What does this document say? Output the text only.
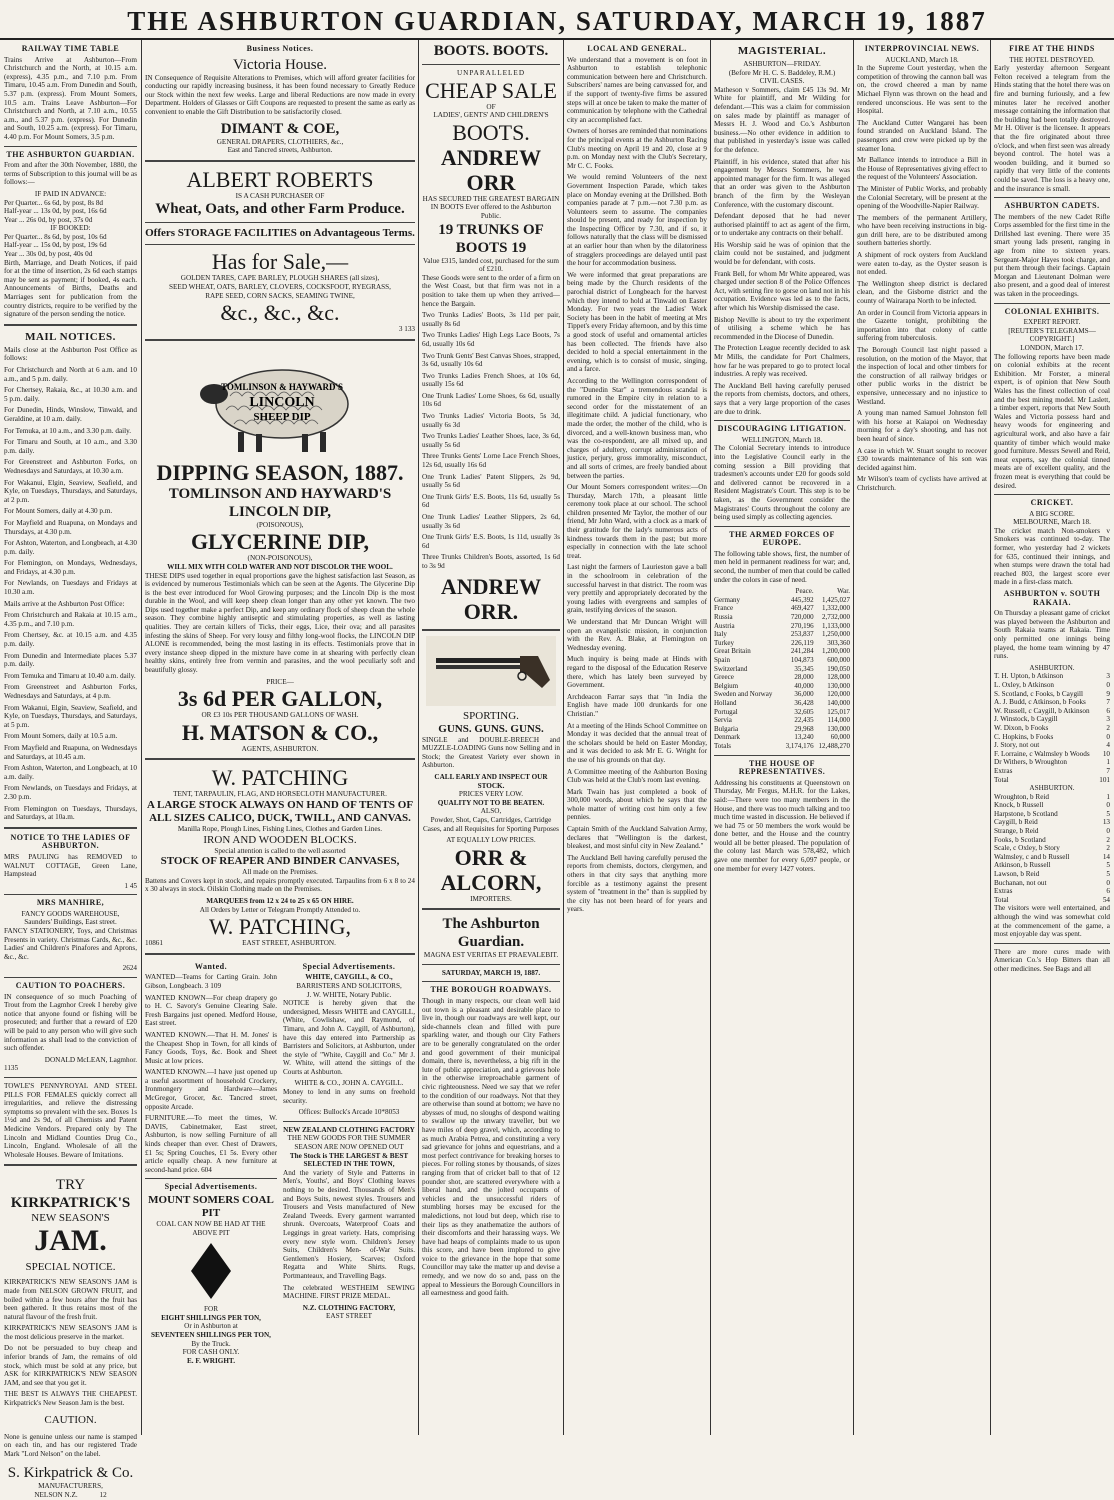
THE ASHBURTON GUARDIAN, SATURDAY, MARCH 19, 1887
RAILWAY TIME TABLE

Trains Arrive at Ashburton—From Christchurch and the North, at 10.15 a.m. (express), 4.35 p.m., and 7.10 p.m. From Timaru, 10.45 a.m. From Dunedin and South, 5.37 p.m. (express). From Mount Somers, 10.5 a.m. Trains Leave Ashburton—For Christchurch and North, at 7.10 a.m., 10.55 a.m., and 5.37 p.m. (express). For Dunedin and South, 10.25 a.m. (express). For Timaru, 4.40 p.m. For Mount Somers, 3.5 p.m.

THE ASHBURTON GUARDIAN.

From and after the 30th November, 1880, the terms of Subscription to this journal will be as follows:—

IF PAID IN ADVANCE:
Per Quarter... 6s 6d, by post, 8s 8d
Half-year ... 13s 0d, by post, 16s 6d
Year ... 26s 0d, by post, 37s 0d
IF BOOKED:
Per Quarter... 8s 6d, by post, 10s 6d
Half-year ... 15s 0d, by post, 19s 6d
Year ... 30s 0d, by post, 40s 0d

Birth, Marriage, and Death Notices, if paid for at the time of insertion, 2s 6d each stamps may be sent as payment; if booked, 4s each. Announcements of Births, Deaths and Marriages sent for publication from the country districts, require to be verified by the signature of the person sending the notice.

MAIL NOTICES.

Mails close at the Ashburton Post Office as follows:

For Christchurch and North at 6 a.m. and 10 a.m., and 5 p.m. daily.

For Chertsey, Rakaia, &c., at 10.30 a.m. and 5 p.m. daily.

For Dunedin, Hinds, Winslow, Tinwald, and Geraldine, at 10 a.m. daily.

For Temuka, at 10 a.m., and 3.30 p.m. daily.

For Timaru and South, at 10 a.m., and 3.30 p.m. daily.

For Greenstreet and Ashburton Forks, on Wednesdays and Saturdays, at 10.30 a.m.

For Wakanui, Elgin, Seaview, Seafield, and Kyle, on Tuesdays, Thursdays, and Saturdays, at 2 p.m.

For Mount Somers, daily at 4.30 p.m.

For Mayfield and Ruapuna, on Mondays and Thursdays, at 4.30 p.m.

For Ashton, Waterton, and Longbeach, at 4.30 p.m. daily.

For Flemington, on Mondays, Wednesdays, and Fridays, at 4.30 p.m.

For Newlands, on Tuesdays and Fridays at 10.30 a.m.

Mails arrive at the Ashburton Post Office:

From Christchurch and Rakaia at 10.15 a.m., 4.35 p.m., and 7.10 p.m.

From Chertsey, &c. at 10.15 a.m. and 4.35 p.m. daily.

From Dunedin and Intermediate places 5.37 p.m. daily.

From Temuka and Timaru at 10.40 a.m. daily.

From Greenstreet and Ashburton Forks, Wednesdays and Saturdays, at 4 p.m.

From Wakanui, Elgin, Seaview, Seafield, and Kyle, on Tuesdays, Thursdays, and Saturdays, at 5 p.m.

From Mount Somers, daily at 10.5 a.m.

From Mayfield and Ruapuna, on Wednesdays and Saturdays, at 10.45 a.m.

From Ashton, Waterton, and Longbeach, at 10 a.m. daily.

From Newlands, on Tuesdays and Fridays, at 2.30 p.m.

From Flemington on Tuesdays, Thursdays, and Saturdays, at 10a.m.

NOTICE TO THE LADIES OF ASHBURTON.

MRS PAULING has REMOVED to WALNUT COTTAGE, Green Lane, Hampstead

1 45
MRS MANHIRE,
FANCY GOODS WAREHOUSE,
Saunders' Buildings, East street.

FANCY STATIONERY, Toys, and Christmas Presents in variety. Christmas Cards, &c., &c. Ladies' and Children's Pinafores and Aprons, &c., &c.

2624
CAUTION TO POACHERS.

IN consequence of so much Poaching of Trout from the Lagmhor Creek I hereby give notice that anyone found or fishing will be prosecuted; and further that a reward of £20 will be paid to any person who will give such information as shall lead to the conviction of such offender.

DONALD McLEAN, Lagmhor.
1135

TOWLE'S PENNYROYAL AND STEEL PILLS FOR FEMALES quickly correct all irregularities, and relieve the distressing symptoms so prevalent with the sex. Boxes 1s 1½d and 2s 9d, of all Chemists and Patent Medicine Vendors. Prepared only by The Lincoln and Midland Counties Drug Co., Lincoln, England. Wholesale of all the Wholesale Houses. Beware of Imitations.

TRY
KIRKPATRICK'S
NEW SEASON'S
JAM.
SPECIAL NOTICE.

KIRKPATRICK'S NEW SEASON'S JAM is made from NELSON GROWN FRUIT, and boiled within a few hours after the fruit has been gathered. It thus retains most of the natural flavour of the fresh fruit.

KIRKPATRICK'S NEW SEASON'S JAM is the most delicious preserve in the market.

Do not be persuaded to buy cheap and inferior brands of Jam, the remains of old stock, which must be sold at any price, but ASK for KIRKPATRICK'S NEW SEASON JAM, and see that you get it.

THE BEST IS ALWAYS THE CHEAPEST. Kirkpatrick's New Season Jam is the best.

CAUTION.

None is genuine unless our name is stamped on each tin, and has our registered Trade Mark "Lord Nelson" on the label.

S. Kirkpatrick & Co.
MANUFACTURERS,
NELSON N.Z.	12
Business Notices.
Victoria House.

IN Consequence of Requisite Alterations to Premises, which will afford greater facilities for conducting our rapidly increasing business, it has been found necessary to Greatly Reduce our Stock within the next few weeks. Large and liberal Reductions are now made in every Department. Holders of Glasses or Gift Coupons are requested to present the same as early as convenient to enable the Gift Distribution to be satisfactorily closed.

DIMANT & COE,
GENERAL DRAPERS, CLOTHIERS, &c.,
East and Tancred streets, Ashburton.
ALBERT ROBERTS
IS A CASH PURCHASER OF
Wheat, Oats, and other Farm Produce.
Offers STORAGE FACILITIES on Advantageous Terms.
Has for Sale,—
GOLDEN TARES, CAPE BARLEY, PLOUGH SHARES (all sizes),
SEED WHEAT, OATS, BARLEY, CLOVERS, COCKSFOOT, RYEGRASS,
RAPE SEED, CORN SACKS, SEAMING TWINE,
&c., &c., &c.
3 133
TOMLINSON & HAYWARD'S
LINCOLN
SHEEP DIP
DIPPING SEASON, 1887.
TOMLINSON AND HAYWARD'S
LINCOLN DIP,
(POISONOUS),
GLYCERINE DIP,
(NON-POISONOUS),
WILL MIX WITH COLD WATER AND NOT DISCOLOR THE WOOL.

THESE DIPS used together in equal proportions gave the highest satisfaction last Season, as is evidenced by numerous Testimonials which can be seen at the Agents. The Glycerine Dip is the best ever introduced for Wool Growing purposes; and the Lincoln Dip is the most durable in the Wool, and will keep sheep clean longer than any other yet known. The two Dips used together make a perfect Dip, and keep any ordinary flock of sheep clean the whole season. They combine highly antiseptic and stimulating properties, as well as lasting qualities. They are certain killers of Ticks, their eggs, Lice, their ova; and all parasites infesting the skins of Sheep. For very lousy and filthy long-wool flocks, the LINCOLN DIP ALONE is recommended, being the most lasting in its effects. Testimonials prove that in every instance sheep dipped in the mixture have come in at shearing with perfectly clean healthy skins, entirely free from vermin and parasites, and the wool peculiarly soft and beautifully glossy.

PRICE—
3s 6d PER GALLON,
OR £3 10s PER THOUSAND GALLONS OF WASH.
H. MATSON & CO.,
AGENTS, ASHBURTON.
W. PATCHING
TENT, TARPAULIN, FLAG, AND HORSECLOTH MANUFACTURER.
A LARGE STOCK ALWAYS ON HAND OF TENTS OF ALL SIZES CALICO, DUCK, TWILL, AND CANVAS.
Manilla Rope, Plough Lines, Fishing Lines, Clothes and Garden Lines.
IRON AND WOODEN BLOCKS.
Special attention is called to the well assorted
STOCK OF REAPER AND BINDER CANVASES,
All made on the Premises.

Battens and Covers kept in stock, and repairs promptly executed. Tarpaulins from 6 x 8 to 24 x 30 always in stock. Oilskin Clothing made on the Premises.

MARQUEES from 12 x 24 to 25 x 65 ON HIRE.
All Orders by Letter or Telegram Promptly Attended to.
W. PATCHING,
10861	EAST STREET, ASHBURTON.
Wanted.

WANTED—Teams for Carting Grain. John Gibson, Longbeach. 3 109

WANTED KNOWN—For cheap drapery go to H. C. Savory's Genuine Clearing Sale. Fresh Bargains just opened. Medford House, East street.

WANTED KNOWN.—That H. M. Jones' is the Cheapest Shop in Town, for all kinds of Fancy Goods, Toys, &c. Book and Sheet Music at low prices.

WANTED KNOWN.—I have just opened up a useful assortment of household Crockery, Ironmongery and Hardware—James McGregor, Grocer, &c. Tancred street, opposite Arcade.

FURNITURE.—To meet the times, W. DAVIS, Cabinetmaker, East street, Ashburton, is now selling Furniture of all kinds cheaper than ever. Chest of Drawers, £1 5s; Spring Couches, £1 5s. Every other article equally cheap. A new furniture at second-hand price. 604

Special Advertisements.
MOUNT SOMERS COAL PIT
COAL CAN NOW BE HAD AT THE ABOVE PIT
FOR
EIGHT SHILLINGS PER TON,
Or in Ashburton at
SEVENTEEN SHILLINGS PER TON,
By the Truck.
FOR CASH ONLY.
E. F. WRIGHT.
Special Advertisements.
WHITE, CAYGILL, & CO.,
BARRISTERS AND SOLICITORS,
J. W. WHITE, Notary Public.

NOTICE is hereby given that the undersigned, Messrs WHITE and CAYGILL, (White, Cowlishaw, and Raymond, of Timaru, and John A. Caygill, of Ashburton), have this day entered into Partnership as Barristers and Solicitors, at Ashburton, under the style of "White, Caygill and Co." Mr J. W. White, will attend the sittings of the Courts at Ashburton.

WHITE & CO., JOHN A. CAYGILL.

Money to lend in any sums on freehold security.

Offices: Bullock's Arcade 10*8053
NEW ZEALAND CLOTHING FACTORY
THE NEW GOODS FOR THE SUMMER SEASON ARE NOW OPENED OUT
The Stock is THE LARGEST & BEST SELECTED IN THE TOWN,

And the variety of Style and Patterns in Men's, Youths', and Boys' Clothing leaves nothing to be desired. Thousands of Men's and Boys Suits, newest styles. Trousers and Trousers and Vests manufactured of New Zealand Tweeds. Every garment warranted shrunk. Overcoats, Waterproof Coats and Leggings in great variety. Hats, comprising every new style worn. Children's Jersey Suits, Children's Men- of-War Suits. Gentlemen's Hosiery, Scarves; Oxford Regatta and White Shirts. Rugs, Portmanteaux, and Travelling Bags.

The celebrated WESTHEIM SEWING MACHINE. FIRST PRIZE MEDAL.

N.Z. CLOTHING FACTORY,
EAST STREET
BOOTS. BOOTS.
UNPARALLELED
CHEAP SALE
OF
LADIES', GENTS' AND CHILDREN'S
BOOTS.
ANDREW ORR
HAS SECURED THE GREATEST BARGAIN IN BOOTS Ever offered to the Ashburton Public.
19 TRUNKS OF BOOTS 19
Value £315, landed cost, purchased for the sum of £210.

These Goods were sent to the order of a firm on the West Coast, but that firm was not in a position to take them up when they arrived—hence the Bargain.

Two Trunks Ladies' Boots, 3s 11d per pair, usually 8s 6d

Two Trunks Ladies' High Legs Lace Boots, 7s 6d, usually 10s 6d

Two Trunk Gents' Best Canvas Shoes, strapped, 3s 6d, usually 10s 6d

Two Trunks Ladies French Shoes, at 10s 6d, usually 15s 6d

One Trunk Ladies' Lorne Shoes, 6s 6d, usually 10s 6d

Two Trunks Ladies' Victoria Boots, 5s 3d, usually 6s 3d

Two Trunks Ladies' Leather Shoes, lace, 3s 6d, usually 5s 6d

Three Trunks Gents' Lorne Lace French Shoes, 12s 6d, usually 16s 6d

One Trunk Ladies' Patent Slippers, 2s 9d, usually 5s 6d

One Trunk Girls' E.S. Boots, 11s 6d, usually 5s 6d

One Trunk Ladies' Leather Slippers, 2s 6d, usually 3s 6d

One Trunk Girls' E.S. Boots, 1s 11d, usually 3s 6d

Three Trunks Children's Boots, assorted, 1s 6d to 3s 9d

ANDREW ORR.
SPORTING.
GUNS. GUNS. GUNS.

SINGLE and DOUBLE-BREECH and MUZZLE-LOADING Guns now Selling and in Stock; the Greatest Variety ever shown in Ashburton.

CALL EARLY AND INSPECT OUR STOCK.
PRICES VERY LOW.
QUALITY NOT TO BE BEATEN.
ALSO,

Powder, Shot, Caps, Cartridges, Cartridge Cases, and all Requisites for Sporting Purposes

AT EQUALLY LOW PRICES.
ORR & ALCORN,
IMPORTERS.
The Ashburton Guardian.
MAGNA EST VERITAS ET PRAEVALEBIT.
SATURDAY, MARCH 19, 1887.
THE BOROUGH ROADWAYS.

Though in many respects, our clean well laid out town is a pleasant and desirable place to live in, though our roadways are well kept, our side-channels clean and filled with pure sparkling water, and though our City Fathers are to be generally congratulated on the order and good government of their municipal domain, there is, nevertheless, a big rift in the lute of public appreciation, and a grievous hole in the otherwise irreproachable garment of civic righteousness. Need we say that we refer to the condition of our roadways. Not that they are otherwise than sound at bottom; we have no abysses of mud, no sloughs of despond waiting to swallow up the unwary traveller, but we have miles of deep gravel, which, according to as much Arabia Petrea, and constituting a very sad grievance for johns and equestrians, and a most perfect contrivance for breaking horses to pieces. For rolling stones by thousands, of sizes ranging from that of cricket ball to that of 12 pounder shot, are scattered everywhere with a liberal hand, and the jolted occupants of vehicles and the unsuccessful riders of stumbling horses may be excused for the maledictions, not loud but deep, which rise to their lips as they anathematize the authors of their discomforts and their harassing ways. We have had heaps of complaints made to us upon this score, and have been implored to give voice to the grievance in the hope that some Councillor may take the matter up and devise a remedy, and we now do so and, pass on the appeal to Messieurs the Borough Councillors in all earnestness and good faith.

LOCAL AND GENERAL.

We understand that a movement is on foot in Ashburton to establish telephonic communication between here and Christchurch. Subscribers' names are being canvassed for, and if the support of twenty-five firms be assured steps will at once be taken to make the matter of communication by telephone with the Cathedral city an accomplished fact.

Owners of horses are reminded that nominations for the principal events at the Ashburton Racing Club's meeting on April 19 and 20, close at 9 p.m. on Monday next with the Club's Secretary, Mr C. C. Fooks.

We would remind Volunteers of the next Government Inspection Parade, which takes place on Monday evening at the Drillshed. Both companies parade at 7 p.m.—not 7.30 p.m. as Volunteers seem to assume. The companies should be present, and ready for inspection by the Inspecting Officer by 7.30, and if so, it follows naturally that the class will be dismissed at an earlier hour than when by the dilatoriness of stragglers proceedings are delayed until past the hour for accommodation business.

We were informed that great preparations are being made by the Church residents of the parochial district of Longbeach for the harvest which they intend to hold at Tinwald on Easter Monday. For two years the Ladies' Work Society has been in the habit of meeting at Mrs Tippet's every Friday afternoon, and by this time a good stock of useful and ornamental articles has been collected. The friends have also decided to hold a special entertainment in the evening, which is to consist of music, singing, and a farce.

According to the Wellington correspondent of the "Dunedin Star" a tremendous scandal is rumored in the Empire city in relation to a second order for the misstatement of an illegitimate child. A judicial functionary, who made the order, the mother of the child, who is divorced, and a well-known business man, who was the co-respondent, are all mixed up, and charges of adultery, corrupt administration of justice, perjury, gross immorality, misconduct, and all sorts of crimes, are freely bandied about between the parties.

Our Mount Somers correspondent writes:—On Thursday, March 17th, a pleasant little ceremony took place at our school. The school children presented Mr Taylor, the mother of our friend, Mr John Ward, with a clock as a mark of their gratitude for the lady's numerous acts of kindness towards them in the past; but more especially in connection with the late school treat.

Last night the farmers of Laurieston gave a ball in the schoolroom in celebration of the successful harvest in that district. The room was very prettily and appropriately decorated by the young ladies with evergreens and samples of grain, testifying devices of the season.

We understand that Mr Duncan Wright will open an evangelistic mission, in conjunction with the Rev. A. Blake, at Flemington on Wednesday evening.

Much inquiry is being made at Hinds with regard to the disposal of the Education Reserve there, which has lately been surveyed by Government.

Archdeacon Farrar says that "in India the English have made 100 drunkards for one Christian."

At a meeting of the Hinds School Committee on Monday it was decided that the annual treat of the scholars should be held on Easter Monday, and it was decided to ask Mr E. G. Wright for the use of his grounds on that day.

A Committee meeting of the Ashburton Boxing Club was held at the Club's room last evening.

Mark Twain has just completed a book of 300,000 words, about which he says that the whole matter of writing cost him only a few pennies.

Captain Smith of the Auckland Salvation Army, declares that "Wellington is the darkest, bleakest, and most sinful city in New Zealand."

The Auckland Bell having carefully perused the reports from chemists, doctors, clergymen, and others in that city says that anything more forcible as a testimony against the present system of "treatment in the" than is supplied by the city has not been heard of for years and years.

MAGISTERIAL.
ASHBURTON—FRIDAY.
(Before Mr H. C. S. Baddeley, R.M.)
CIVIL CASES.

Matheson v Sommers, claim £45 13s 9d. Mr White for plaintiff, and Mr Wilding for defendant.—This was a claim for commission on sales made by plaintiff as manager of Messrs H. J. Wood and Co.'s Ashburton business.—No other evidence in addition to that published in yesterday's issue was called for the defence.

Plaintiff, in his evidence, stated that after his engagement by Messrs Sommers, he was appointed manager for the firm. It was alleged that an order was given to the Ashburton branch of the firm by the Wesleyan Conference, with the customary discount.

Defendant deposed that he had never authorised plaintiff to act as agent of the firm, or to undertake any contracts on their behalf.

His Worship said he was of opinion that the claim could not be sustained, and judgment would be for defendant, with costs.

Frank Bell, for whom Mr White appeared, was charged under section 8 of the Police Offences Act, with setting fire to gorse on land not in his occupation. Evidence was led as to the facts, after which his Worship dismissed the case.

Bishop Neville is about to try the experiment of utilising a scheme which he has recommended in the Diocese of Dunedin.

The Protection League recently decided to ask Mr Mills, the candidate for Port Chalmers, how far he was prepared to go to protect local industries. A reply was received.

The Auckland Bell having carefully perused the reports from chemists, doctors, and others, says that a very large proportion of the cases are due to drink.

DISCOURAGING LITIGATION.
WELLINGTON, March 18.

The Colonial Secretary intends to introduce into the Legislative Council early in the coming session a Bill providing that tradesmen's accounts under £20 for goods sold and delivered cannot be recovered in a Resident Magistrate's Court. This step is to be taken, as the Government consider the Magistrates' Courts throughout the colony are being used simply as collecting agencies.

THE ARMED FORCES OF EUROPE.

The following table shows, first, the number of men held in permanent readiness for war; and, second, the number of men that could be called under the colors in case of need.

	Peace.	War.
Germany	445,392	1,425,027
France	469,427	1,332,000
Russia	720,000	2,732,000
Austria	270,196	1,133,000
Italy	253,837	1,250,000
Turkey	226,119	303,360
Great Britain	241,284	1,200,000
Spain	104,873	600,000
Switzerland	35,345	190,050
Greece	28,000	128,000
Belgium	40,000	130,000
Sweden and Norway	36,000	120,000
Holland	36,428	140,000
Portugal	32,605	125,017
Servia	22,435	114,000
Bulgaria	29,968	130,000
Denmark	13,240	60,000
Totals	3,174,176	12,488,270
THE HOUSE OF REPRESENTATIVES.

Addressing his constituents at Queenstown on Thursday, Mr Fergus, M.H.R. for the Lakes, said:—There were too many members in the House, and there was too much talking and too much time wasted in discussion. He believed if we had 75 or 50 members the work would be done better, and the House and the country would all be better pleased. The population of the colony last March was 578,482, which gave one member for every 6,097 people, or one member for every 1427 voters.

INTERPROVINCIAL NEWS.
AUCKLAND, March 18.

In the Supreme Court yesterday, when the competition of throwing the cannon ball was on, the crowd cheered a man by name Michael Flynn was thrown on the head and rendered unconscious. He was sent to the Hospital.

The Auckland Cutter Wangarei has been found stranded on Auckland Island. The passengers and crew were picked up by the steamer Iona.

Mr Ballance intends to introduce a Bill in the House of Representatives giving effect to the request of the Volunteers' Association.

The Minister of Public Works, and probably the Colonial Secretary, will be present at the opening of the Woodville-Napier Railway.

The members of the permanent Artillery, who have been receiving instructions in big-gun drill here, are to be distributed among southern batteries shortly.

A shipment of rock oysters from Auckland were eaten to-day, as the Oyster season is not ended.

The Wellington sheep district is declared clean, and the Gisborne district and the county of Wairarapa North to be infected.

An order in Council from Victoria appears in the Gazette tonight, prohibiting the importation into that colony of cattle suffering from tuberculosis.

The Borough Council last night passed a resolution, on the motion of the Mayor, that the inspection of local and other timbers for the construction of all railway bridges or other public works in the district be expensive, unnecessary and no injustice to Westland.

A young man named Samuel Johnston fell with his horse at Kaiapoi on Wednesday morning for a day's shooting, and has not been heard of since.

A case in which W. Stuart sought to recover £30 towards maintenance of his son was decided against him.

Mr Wilson's team of cyclists have arrived at Christchurch.

FIRE AT THE HINDS
THE HOTEL DESTROYED.

Early yesterday afternoon Sergeant Felton received a telegram from the Hinds stating that the hotel there was on fire and burning furiously, and a few minutes later he received another message containing the information that the building had been totally destroyed. Mr H. Oliver is the licensee. It appears that the fire originated about three o'clock, and when first seen was already beyond control. The hotel was a wooden building, and it burned so rapidly that very little of the contents could be saved. The loss is a heavy one, and the insurance is small.

ASHBURTON CADETS.

The members of the new Cadet Rifle Corps assembled for the first time in the Drillshed last evening. There were 35 smart young lads present, ranging in age from nine to sixteen years. Sergeant-Major Hayes took charge, and put them through their facings. Captain Morgan and Lieutenant Dolman were also present, and a good deal of interest was taken in the proceedings.

COLONIAL EXHIBITS.
EXPERT REPORT.
[REUTER'S TELEGRAMS—COPYRIGHT.]
LONDON, March 17.

The following reports have been made on colonial exhibits at the recent Exhibition. Mr Forster, a mineral expert, is of opinion that New South Wales has the finest collection of coal and the best mining model. Mr Laslett, a timber expert, reports that New South Wales and Victoria possess hard and heavy woods for engineering and agricultural work, and also have a fair quantity of timber which would make good furniture. Messrs Sewell and Reid, meat experts, say the colonial tinned meats are of excellent quality, and the frozen meat is everything that could be desired.

CRICKET.
A BIG SCORE.
MELBOURNE, March 18.

The cricket match Non-smokers v Smokers was continued to-day. The former, who yesterday had 2 wickets for 635, continued their innings, and when stumps were drawn the total had reached 803, the largest score ever made in a first-class match.

ASHBURTON v. SOUTH RAKAIA.

On Thursday a pleasant game of cricket was played between the Ashburton and South Rakaia teams at Rakaia. Time only permitted one innings being played, the home team winning by 47 runs.

ASHBURTON.
T. H. Upton, b Atkinson	3
L. Oxley, b Atkinson	0
S. Scotland, c Fooks, b Caygill	9
A. J. Budd, c Atkinson, b Fooks	7
W. Russell, c Caygill, b Atkinson	6
J. Winstock, b Caygill	3
W. Dixon, b Fooks	2
C. Hopkins, b Fooks	0
J. Story, not out	4
F. Lorraine, c Walmsley b Woods	10
Dr Withers, b Wroughton	1
Extras	7
Total	101
ASHBURTON.
Wroughton, b Reid	1
Knock, b Russell	0
Harpstone, b Scotland	5
Caygill, b Reid	13
Strange, b Reid	0
Fooks, b Scotland	2
Scale, c Oxley, b Story	2
Walmsley, c and b Russell	14
Atkinson, b Russell	5
Lawson, b Reid	5
Buchanan, not out	0
Extras	6
Total	54

The visitors were well entertained, and although the wind was somewhat cold at the commencement of the game, a most enjoyable day was spent.

There are more cures made with American Co.'s Hop Bitters than all other medicines. See Bags and all
